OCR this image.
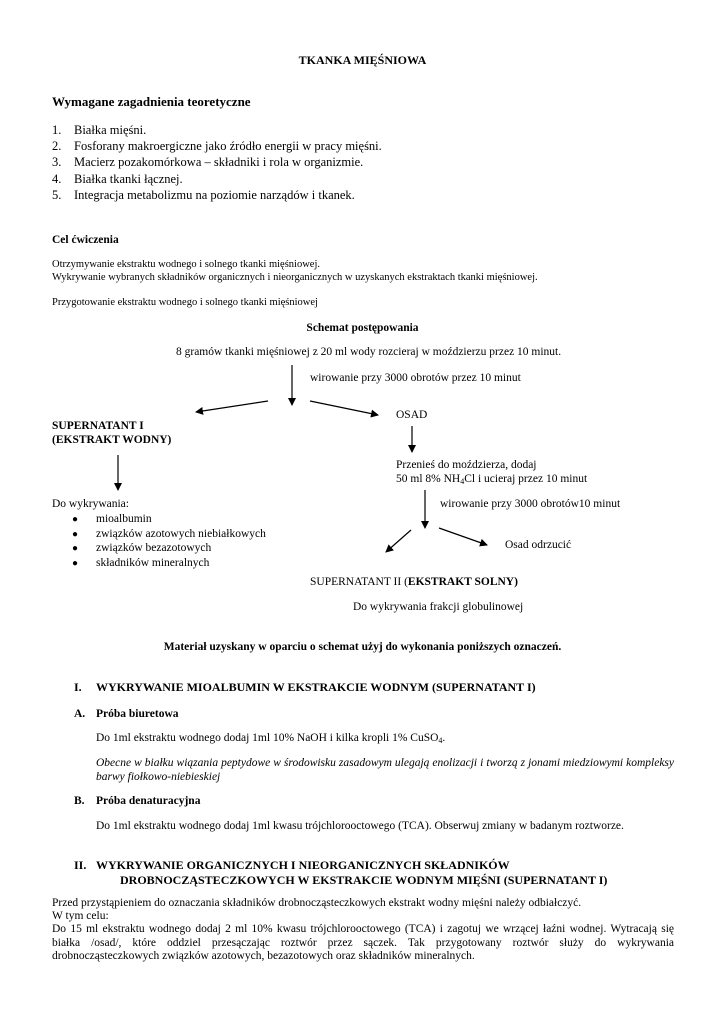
TKANKA MIĘŚNIOWA
Wymagane zagadnienia teoretyczne
1. Białka mięśni.
2. Fosforany makroergiczne jako źródło energii w pracy mięśni.
3. Macierz pozakomórkowa – składniki i rola w organizmie.
4. Białka tkanki łącznej.
5. Integracja metabolizmu na poziomie narządów i tkanek.
Cel ćwiczenia
Otrzymywanie ekstraktu wodnego i solnego tkanki mięśniowej.
Wykrywanie wybranych składników organicznych i nieorganicznych w uzyskanych ekstraktach tkanki mięśniowej.
Przygotowanie ekstraktu wodnego i solnego tkanki mięśniowej
Schemat postępowania
8 gramów tkanki mięśniowej z 20 ml wody rozcieraj w moździerzu przez 10 minut.
wirowanie przy 3000 obrotów przez 10 minut
SUPERNATANT I
(EKSTRAKT WODNY)
OSAD
Przenieś do moździerza, dodaj
50 ml 8% $NH_4Cl$ i ucieraj przez 10 minut
Do wykrywania:
● mioalbumin
● związków azotowych niebiałkowych
● związków bezazotowych
● składników mineralnych
wirowanie przy 3000 obrotów10 minut
Osad odrzucić
SUPERNATANT II (EKSTRAKT SOLNY)
Do wykrywania frakcji globulinowej
Materiał uzyskany w oparciu o schemat użyj do wykonania poniższych oznaczeń.
I. WYKRYWANIE MIOALBUMIN W EKSTRAKCIE WODNYM (SUPERNATANT I)
A. Próba biuretowa
Do 1ml ekstraktu wodnego dodaj 1ml 10% NaOH i kilka kropli 1% CuSO$_4$.
Obecne w białku wiązania peptydowe w środowisku zasadowym ulegają enolizacji i tworzą z jonami miedziowymi kompleksy barwy fiołkowo-niebieskiej
B. Próba denaturacyjna
Do 1ml ekstraktu wodnego dodaj 1ml kwasu trójchlorooctowego (TCA). Obserwuj zmiany w badanym roztworze.
II. WYKRYWANIE ORGANICZNYCH I NIEORGANICZNYCH SKŁADNIKÓW
DROBNOCZĄSTECZKOWYCH W EKSTRAKCIE WODNYM MIĘŚNI (SUPERNATANT I)
Przed przystąpieniem do oznaczania składników drobnocząsteczkowych ekstrakt wodny mięśni należy odbiałczyć.
W tym celu:
Do 15 ml ekstraktu wodnego dodaj 2 ml 10% kwasu trójchlorooctowego (TCA) i zagotuj we wrzącej łaźni wodnej. Wytracają się białka /osad/, które oddziel przesączając roztwór przez sączek. Tak przygotowany roztwór służy do wykrywania drobnocząsteczkowych związków azotowych, bezazotowych oraz składników mineralnych.
